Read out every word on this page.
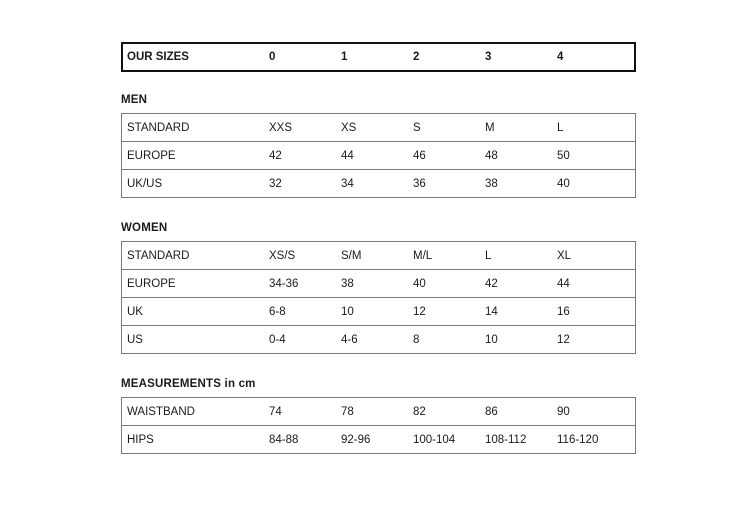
OUR SIZES	0	1	2	3	4
MEN
STANDARD	XXS	XS	S	M	L
EUROPE	42	44	46	48	50
UK/US	32	34	36	38	40
WOMEN
STANDARD	XS/S	S/M	M/L	L	XL
EUROPE	34-36	38	40	42	44
UK	6-8	10	12	14	16
US	0-4	4-6	8	10	12
MEASUREMENTS in cm
WAISTBAND	74	78	82	86	90
HIPS	84-88	92-96	100-104	108-112	116-120
